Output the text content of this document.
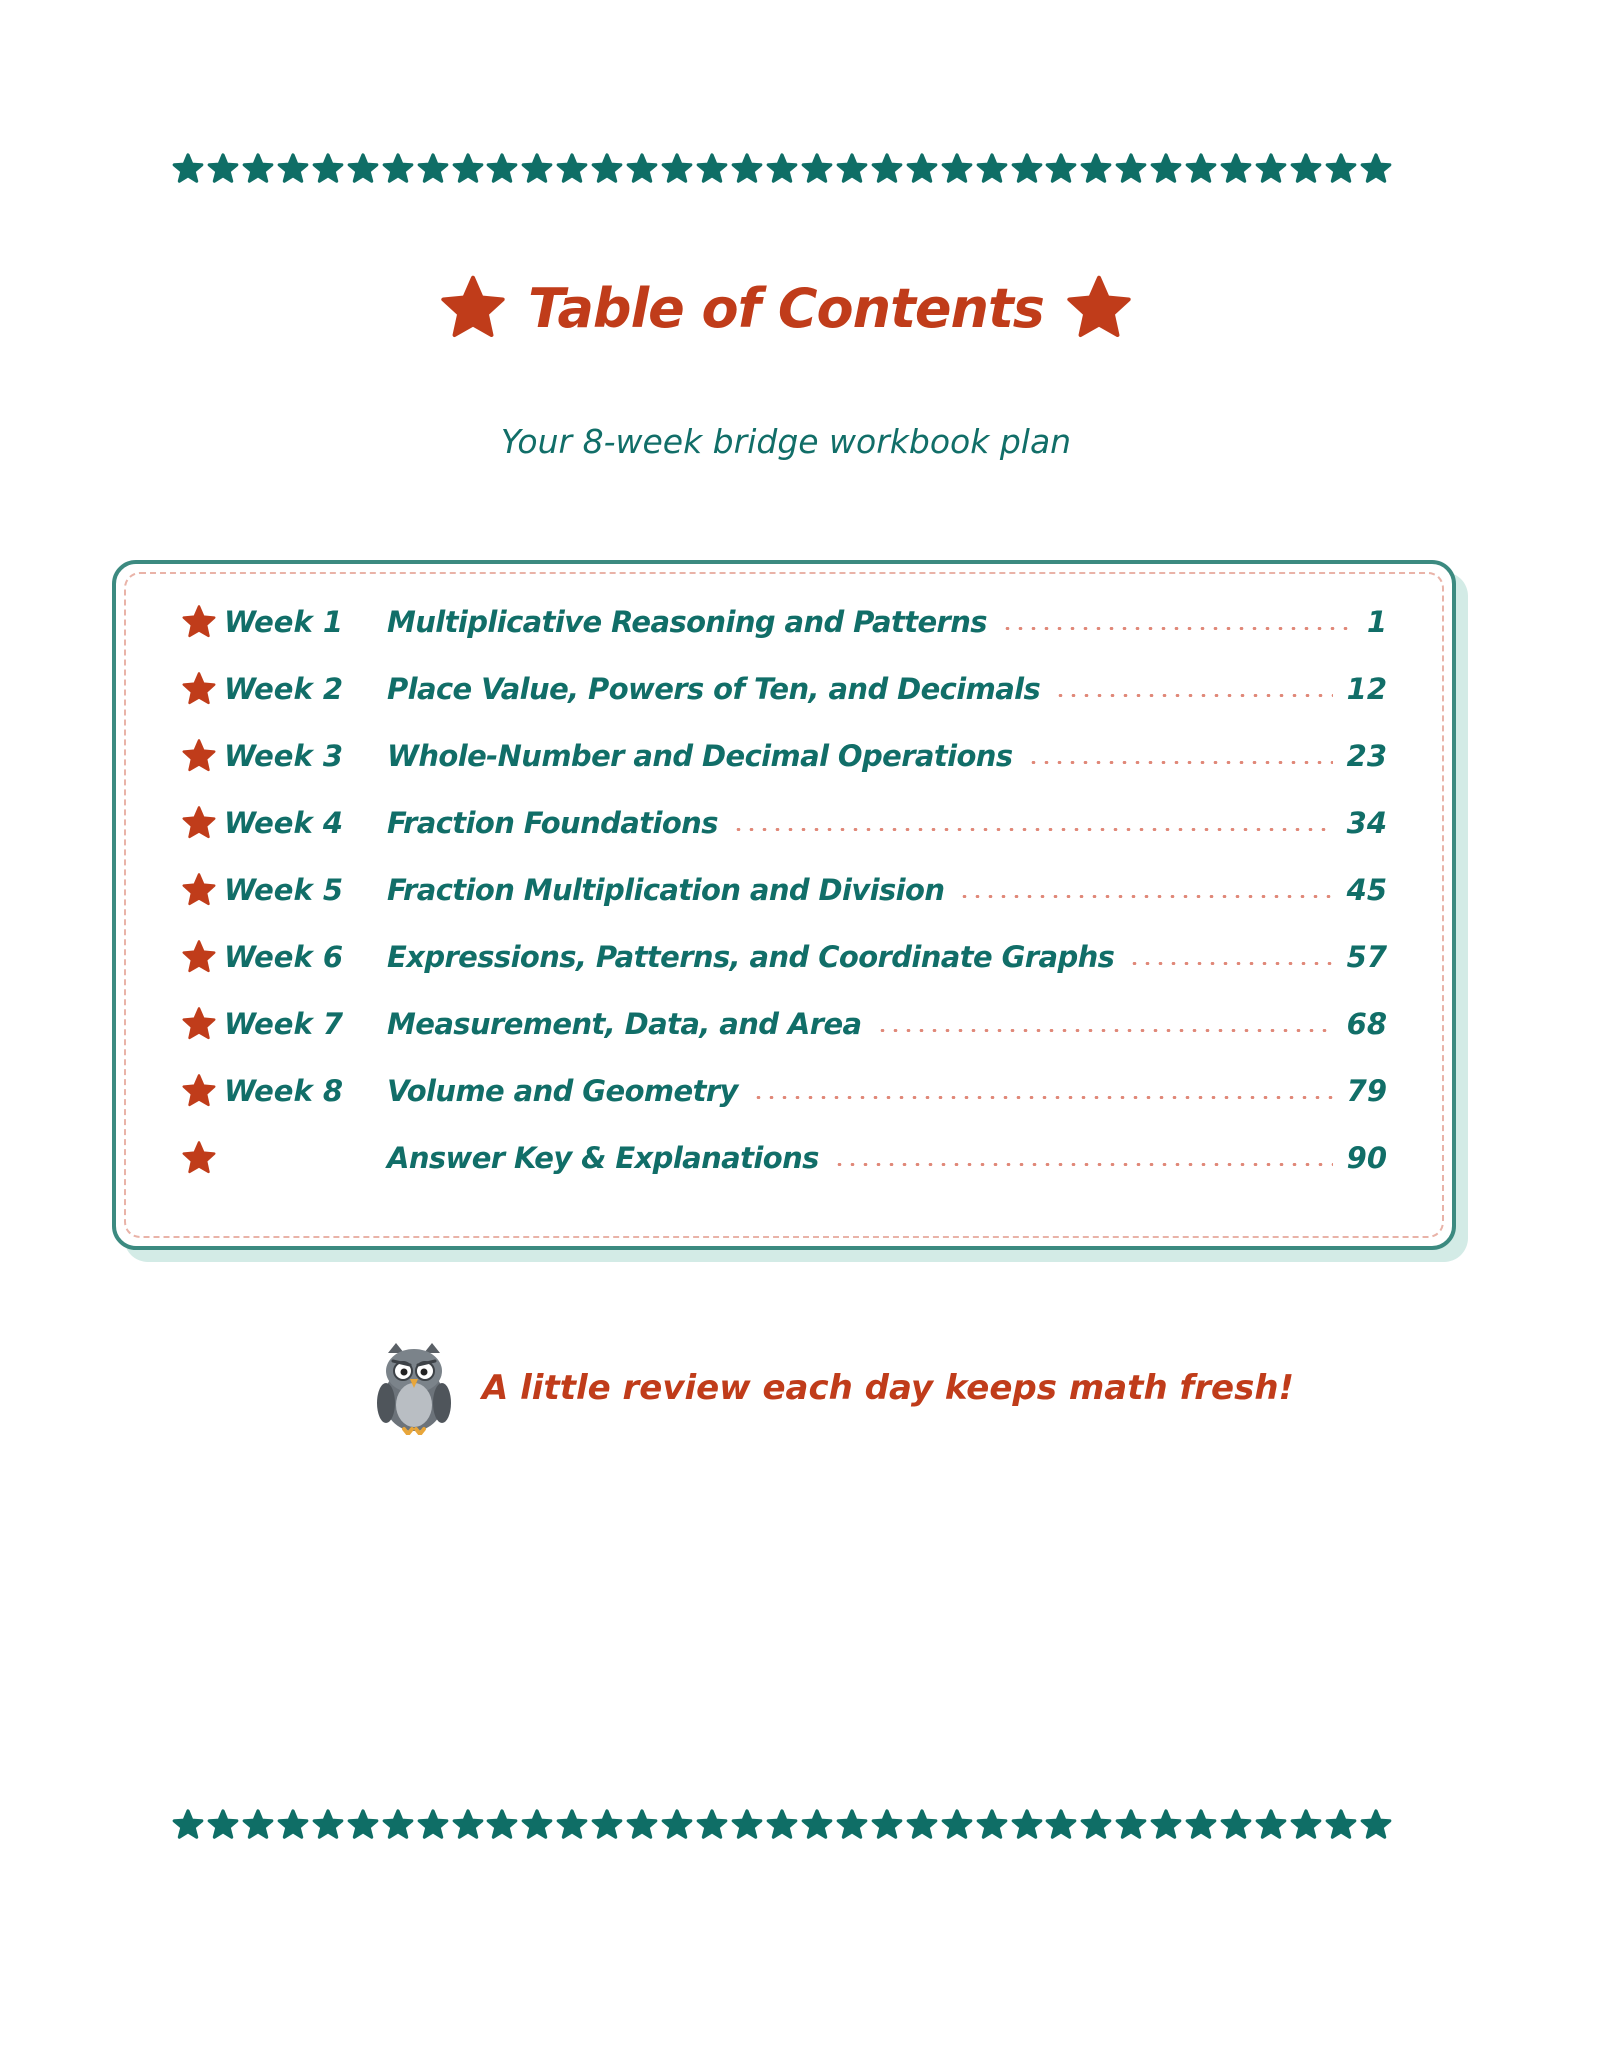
Table of Contents
Your 8-week bridge workbook plan
Week 1	Multiplicative Reasoning and Patterns	1
Week 2	Place Value, Powers of Ten, and Decimals	12
Week 3	Whole-Number and Decimal Operations	23
Week 4	Fraction Foundations	34
Week 5	Fraction Multiplication and Division	45
Week 6	Expressions, Patterns, and Coordinate Graphs	57
Week 7	Measurement, Data, and Area	68
Week 8	Volume and Geometry	79
Answer Key & Explanations	90
A little review each day keeps math fresh!
